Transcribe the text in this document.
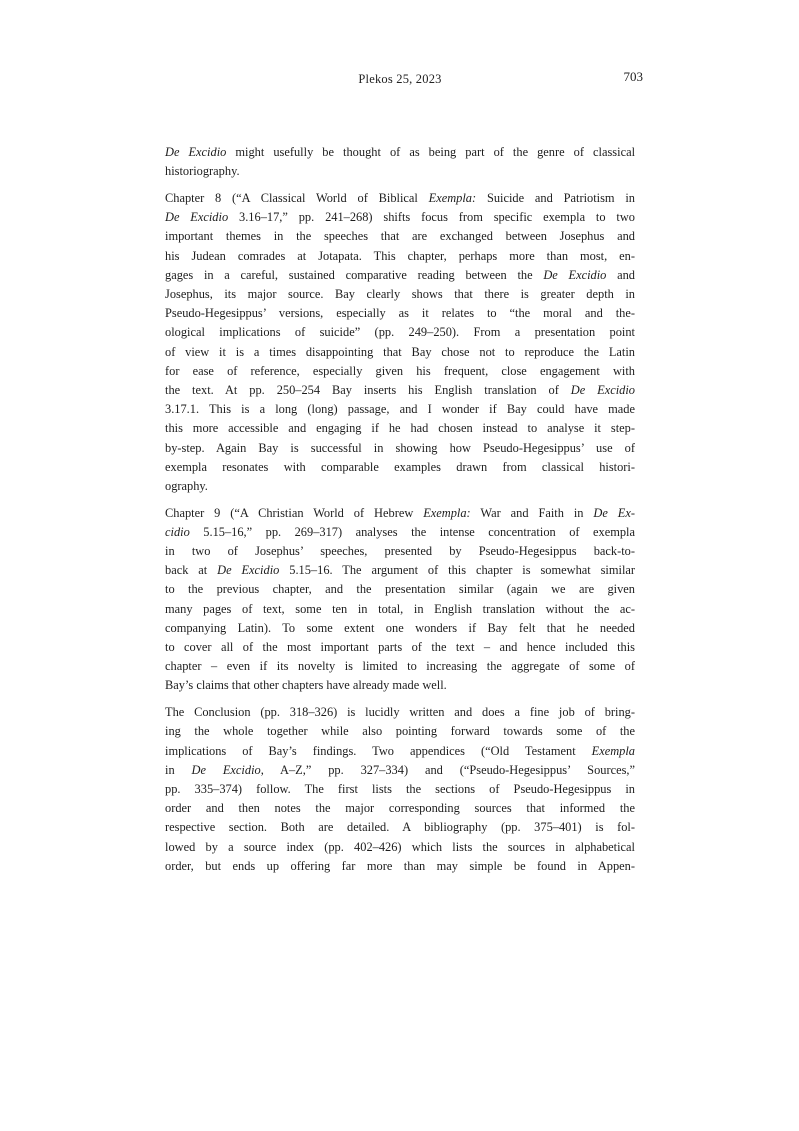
Plekos 25, 2023	703
De Excidio might usefully be thought of as being part of the genre of classical
historiography.
Chapter 8 (“A Classical World of Biblical Exempla: Suicide and Patriotism in
De Excidio 3.16–17,” pp. 241–268) shifts focus from specific exempla to two
important themes in the speeches that are exchanged between Josephus and
his Judean comrades at Jotapata. This chapter, perhaps more than most, en-
gages in a careful, sustained comparative reading between the De Excidio and
Josephus, its major source. Bay clearly shows that there is greater depth in
Pseudo-Hegesippus’ versions, especially as it relates to “the moral and the-
ological implications of suicide” (pp. 249–250). From a presentation point
of view it is a times disappointing that Bay chose not to reproduce the Latin
for ease of reference, especially given his frequent, close engagement with
the text. At pp. 250–254 Bay inserts his English translation of De Excidio
3.17.1. This is a long (long) passage, and I wonder if Bay could have made
this more accessible and engaging if he had chosen instead to analyse it step-
by-step. Again Bay is successful in showing how Pseudo-Hegesippus’ use of
exempla resonates with comparable examples drawn from classical histori-
ography.
Chapter 9 (“A Christian World of Hebrew Exempla: War and Faith in De Ex-
cidio 5.15–16,” pp. 269–317) analyses the intense concentration of exempla
in two of Josephus’ speeches, presented by Pseudo-Hegesippus back-to-
back at De Excidio 5.15–16. The argument of this chapter is somewhat similar
to the previous chapter, and the presentation similar (again we are given
many pages of text, some ten in total, in English translation without the ac-
companying Latin). To some extent one wonders if Bay felt that he needed
to cover all of the most important parts of the text – and hence included this
chapter – even if its novelty is limited to increasing the aggregate of some of
Bay’s claims that other chapters have already made well.
The Conclusion (pp. 318–326) is lucidly written and does a fine job of bring-
ing the whole together while also pointing forward towards some of the
implications of Bay’s findings. Two appendices (“Old Testament Exempla
in De Excidio, A–Z,” pp. 327–334) and (“Pseudo-Hegesippus’ Sources,”
pp. 335–374) follow. The first lists the sections of Pseudo-Hegesippus in
order and then notes the major corresponding sources that informed the
respective section. Both are detailed. A bibliography (pp. 375–401) is fol-
lowed by a source index (pp. 402–426) which lists the sources in alphabetical
order, but ends up offering far more than may simple be found in Appen-
